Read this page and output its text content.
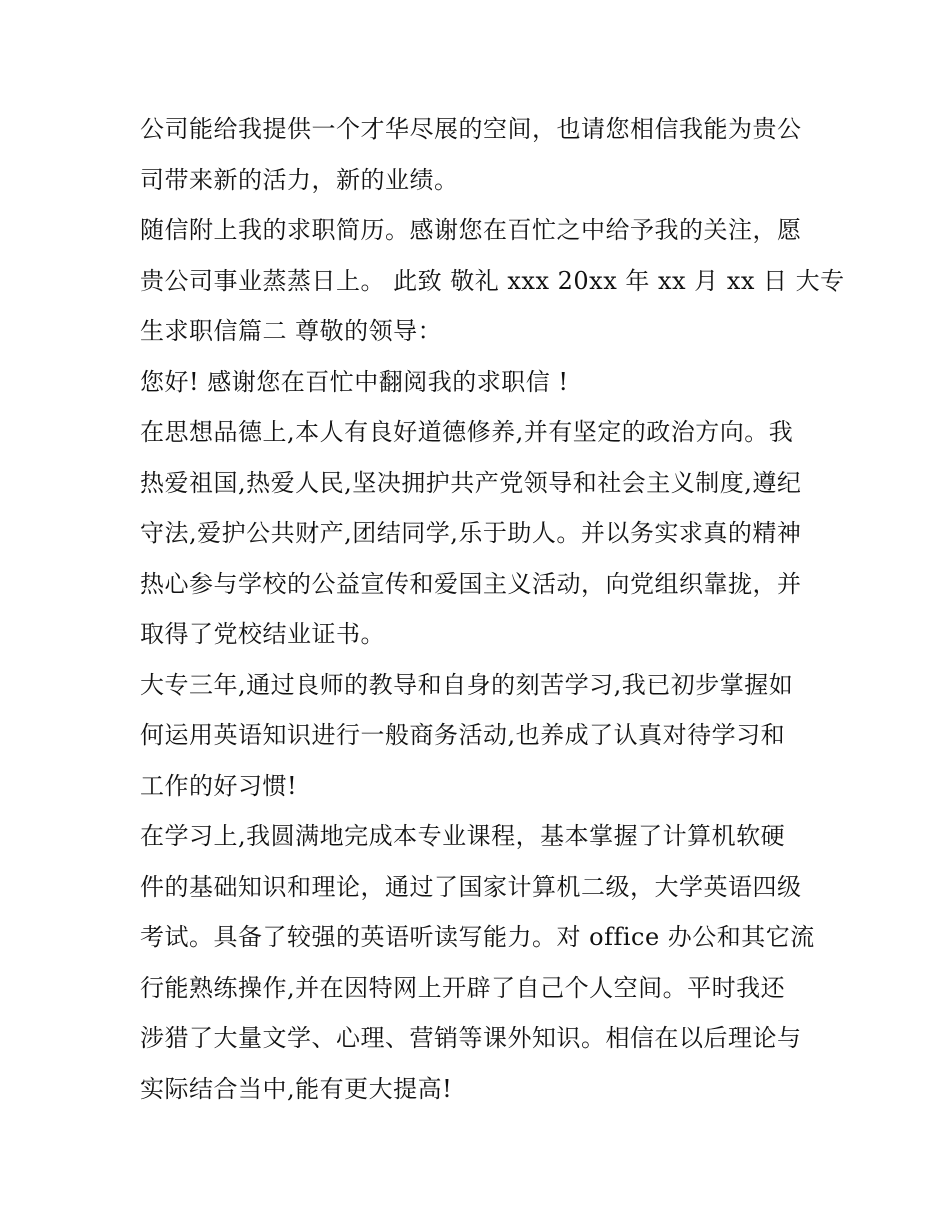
公司能给我提供一个才华尽展的空间，也请您相信我能为贵公
司带来新的活力，新的业绩。
随信附上我的求职简历。感谢您在百忙之中给予我的关注，愿
贵公司事业蒸蒸日上。 此致 敬礼 xxx 20xx 年 xx 月 xx 日 大专
生求职信篇二 尊敬的领导：
您好! 感谢您在百忙中翻阅我的求职信 !
在思想品德上,本人有良好道德修养,并有坚定的政治方向。我
热爱祖国,热爱人民,坚决拥护共产党领导和社会主义制度,遵纪
守法,爱护公共财产,团结同学,乐于助人。并以务实求真的精神
热心参与学校的公益宣传和爱国主义活动，向党组织靠拢，并
取得了党校结业证书。
大专三年,通过良师的教导和自身的刻苦学习,我已初步掌握如
何运用英语知识进行一般商务活动,也养成了认真对待学习和
工作的好习惯!
在学习上,我圆满地完成本专业课程，基本掌握了计算机软硬
件的基础知识和理论，通过了国家计算机二级，大学英语四级
考试。具备了较强的英语听读写能力。对 office 办公和其它流
行能熟练操作,并在因特网上开辟了自己个人空间。平时我还
涉猎了大量文学、心理、营销等课外知识。相信在以后理论与
实际结合当中,能有更大提高!
